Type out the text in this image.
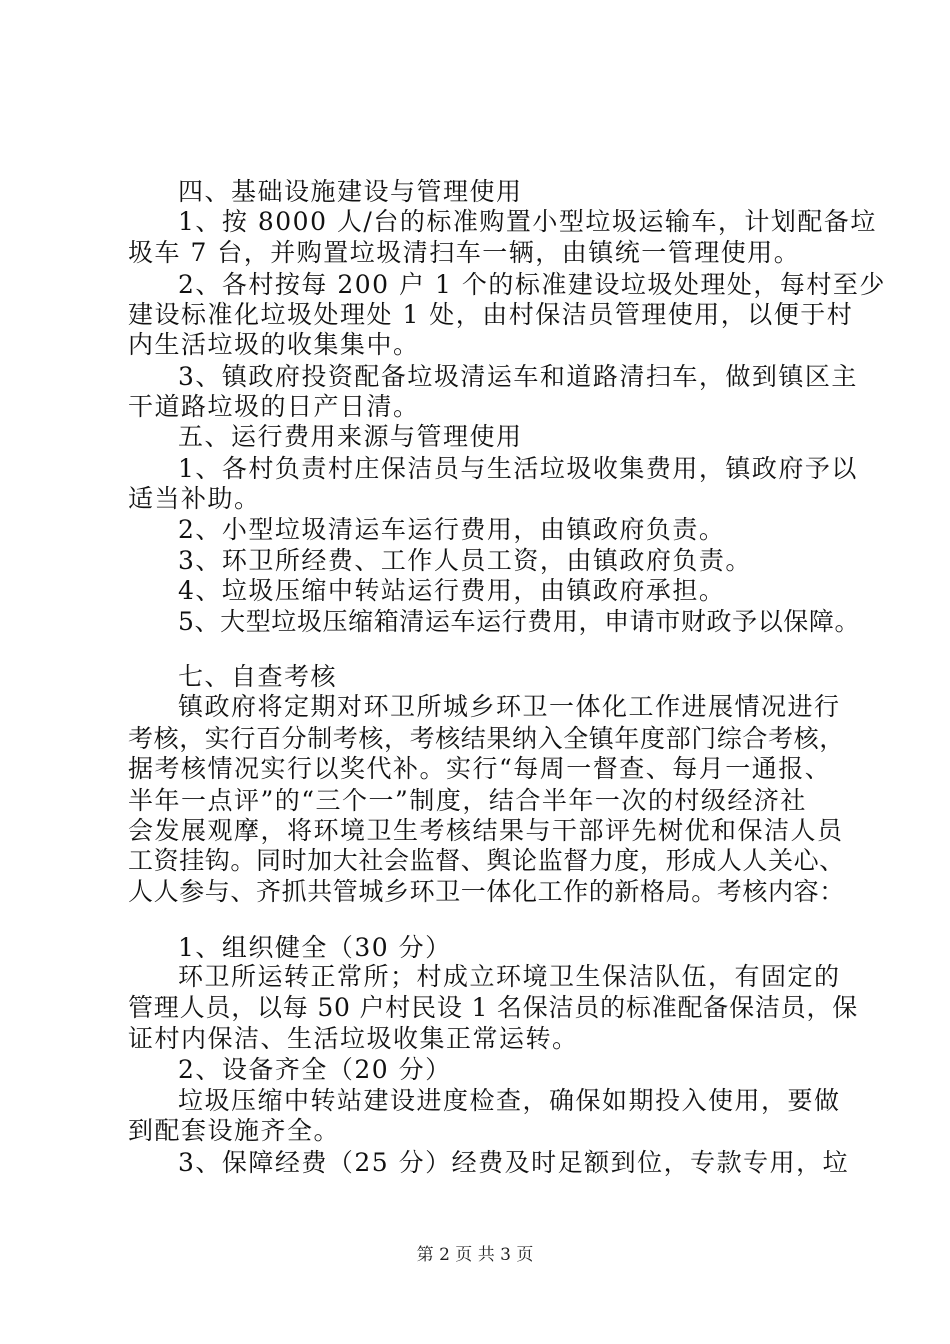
四、基础设施建设与管理使用
1、按 8000 人/台的标准购置小型垃圾运输车，计划配备垃
圾车 7 台，并购置垃圾清扫车一辆，由镇统一管理使用。
2、各村按每 200 户 1 个的标准建设垃圾处理处，每村至少
建设标准化垃圾处理处 1 处，由村保洁员管理使用，以便于村
内生活垃圾的收集集中。
3、镇政府投资配备垃圾清运车和道路清扫车，做到镇区主
干道路垃圾的日产日清。
五、运行费用来源与管理使用
1、各村负责村庄保洁员与生活垃圾收集费用，镇政府予以
适当补助。
2、小型垃圾清运车运行费用，由镇政府负责。
3、环卫所经费、工作人员工资，由镇政府负责。
4、垃圾压缩中转站运行费用，由镇政府承担。
5、大型垃圾压缩箱清运车运行费用，申请市财政予以保障。
七、自查考核
镇政府将定期对环卫所城乡环卫一体化工作进展情况进行
考核，实行百分制考核，考核结果纳入全镇年度部门综合考核，
据考核情况实行以奖代补。实行“每周一督查、每月一通报、
半年一点评”的“三个一”制度，结合半年一次的村级经济社
会发展观摩，将环境卫生考核结果与干部评先树优和保洁人员
工资挂钩。同时加大社会监督、舆论监督力度，形成人人关心、
人人参与、齐抓共管城乡环卫一体化工作的新格局。考核内容：
1、组织健全（30 分）
环卫所运转正常所；村成立环境卫生保洁队伍，有固定的
管理人员，以每 50 户村民设 1 名保洁员的标准配备保洁员，保
证村内保洁、生活垃圾收集正常运转。
2、设备齐全（20 分）
垃圾压缩中转站建设进度检查，确保如期投入使用，要做
到配套设施齐全。
3、保障经费（25 分）经费及时足额到位，专款专用，垃
第 2 页 共 3 页
